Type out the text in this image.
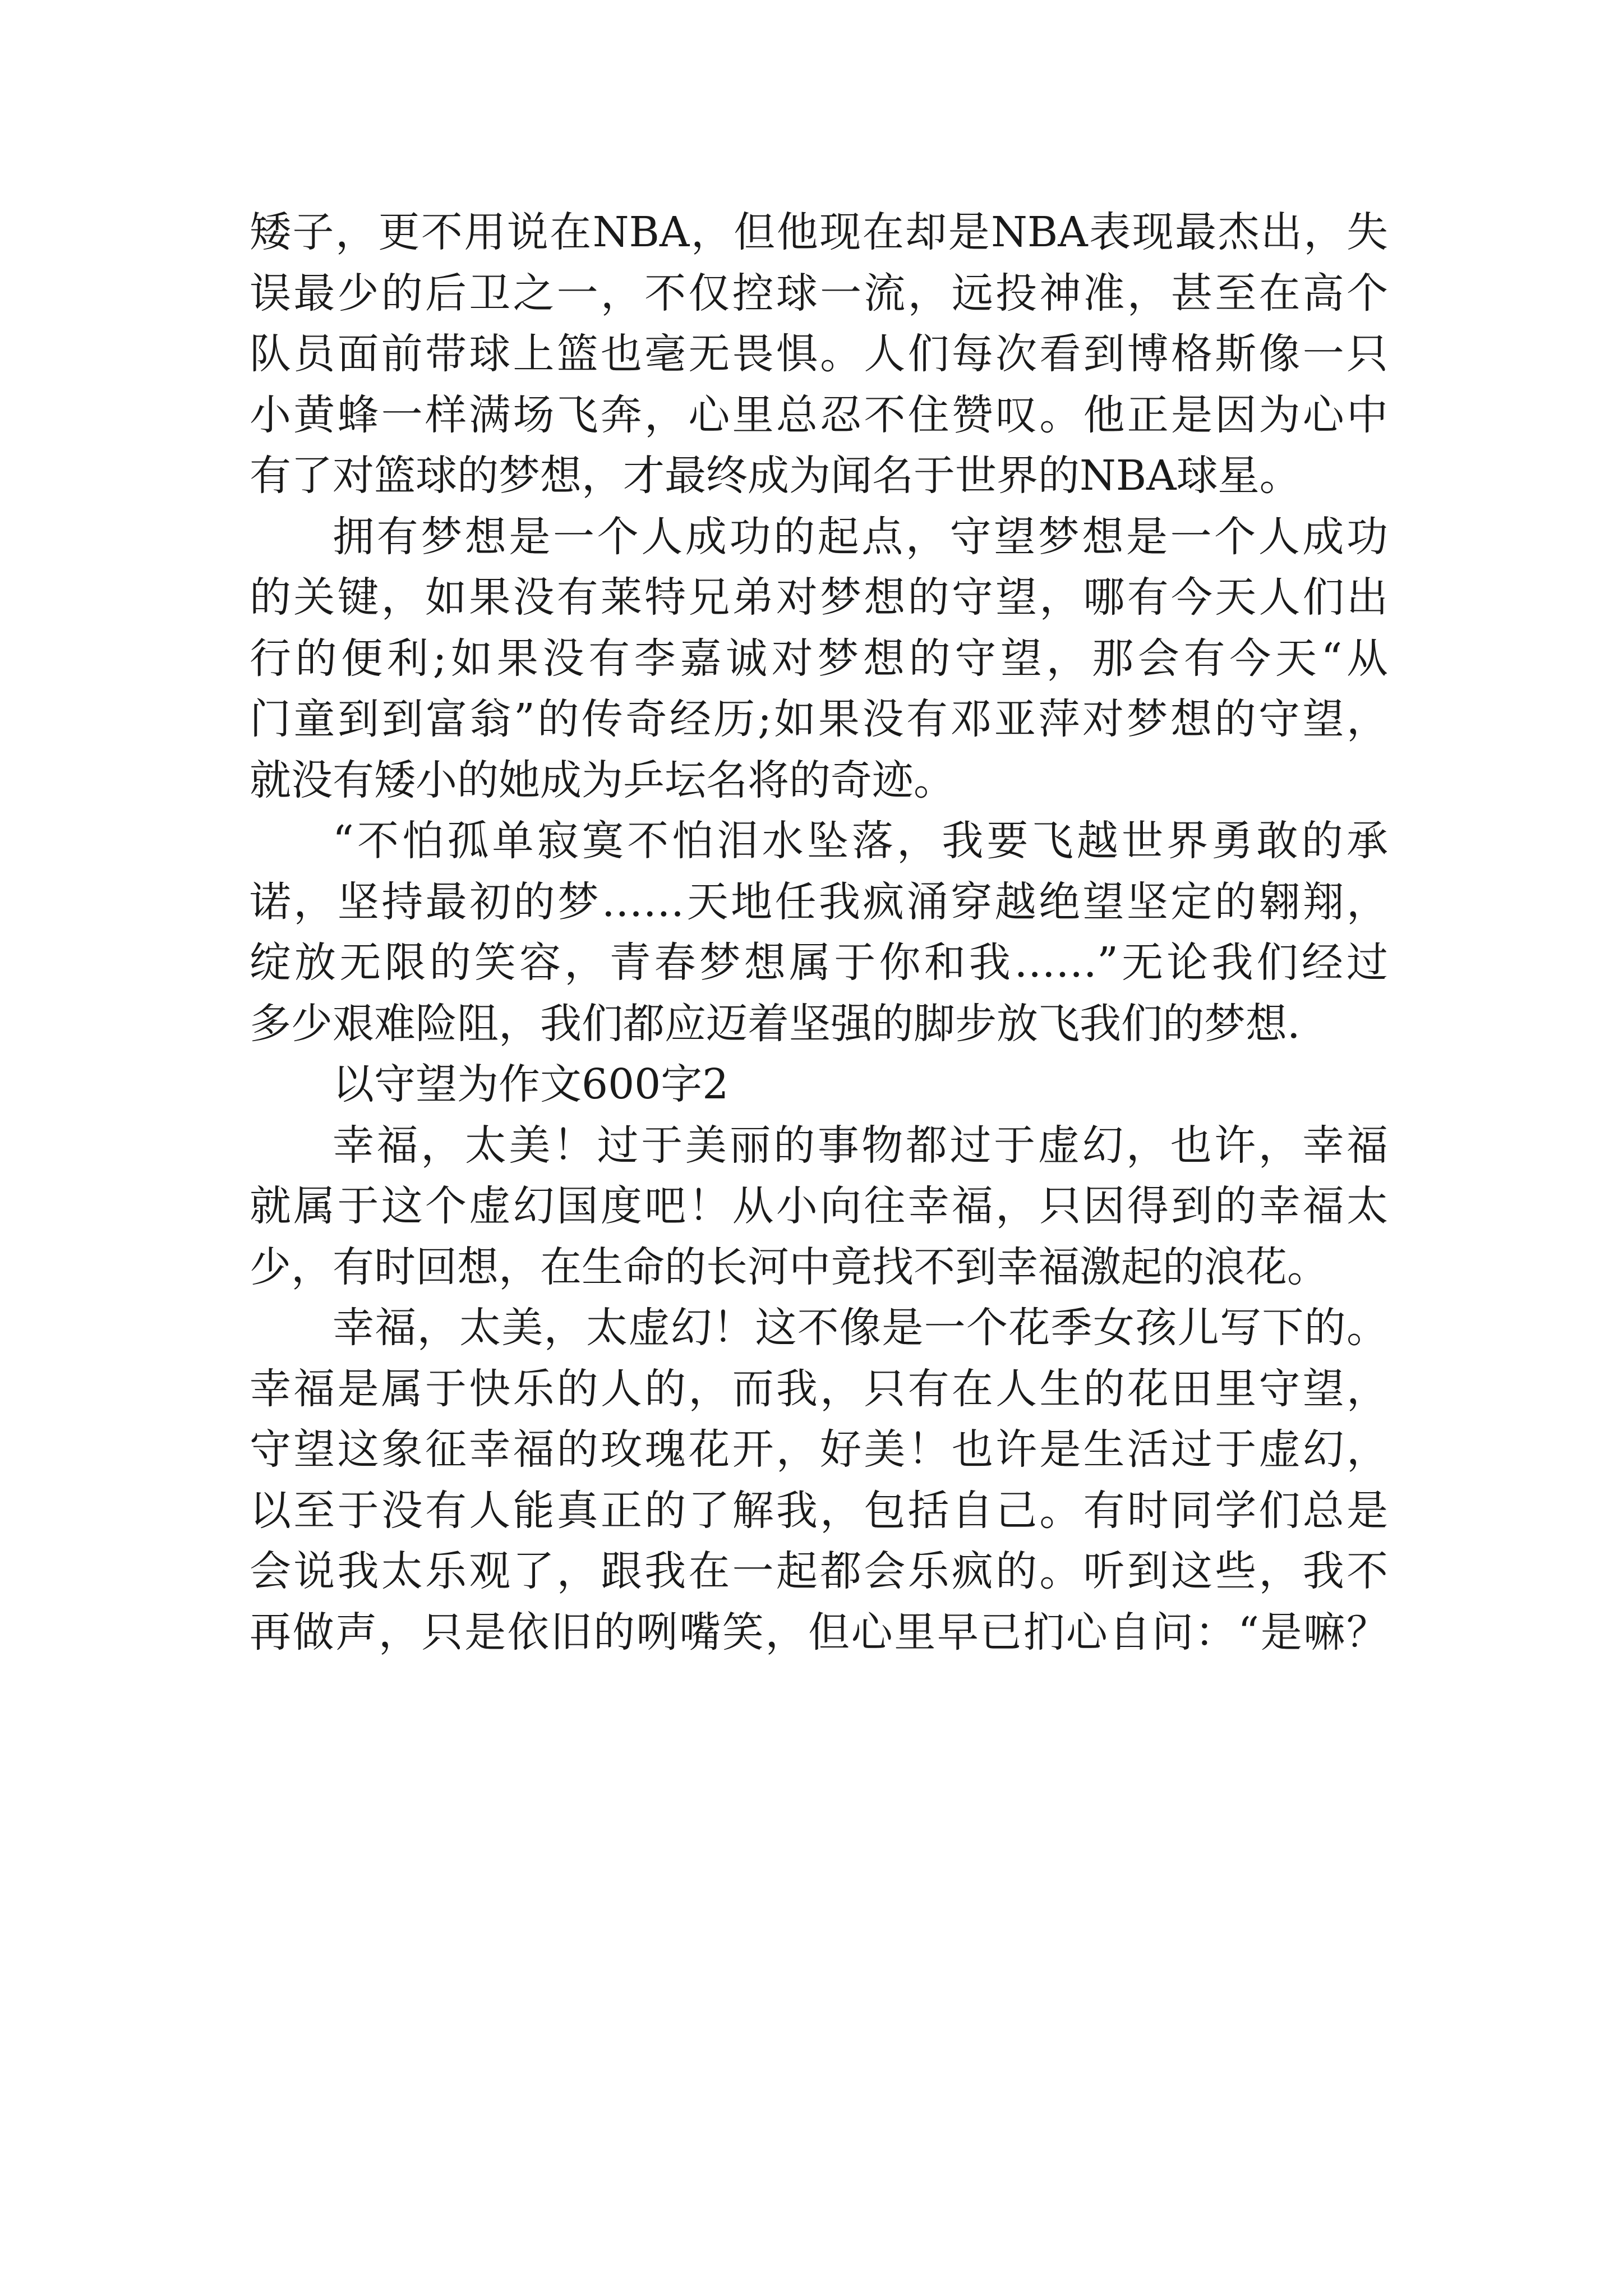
矮子，更不用说在NBA，但他现在却是NBA表现最杰出，失
误最少的后卫之一，不仅控球一流，远投神准，甚至在高个
队员面前带球上篮也毫无畏惧。人们每次看到博格斯像一只
小黄蜂一样满场飞奔，心里总忍不住赞叹。他正是因为心中
有了对篮球的梦想，才最终成为闻名于世界的NBA球星。
拥有梦想是一个人成功的起点，守望梦想是一个人成功
的关键，如果没有莱特兄弟对梦想的守望，哪有今天人们出
行的便利;如果没有李嘉诚对梦想的守望，那会有今天“从
门童到到富翁”的传奇经历;如果没有邓亚萍对梦想的守望，
就没有矮小的她成为乒坛名将的奇迹。
“不怕孤单寂寞不怕泪水坠落，我要飞越世界勇敢的承
诺，坚持最初的梦……天地任我疯涌穿越绝望坚定的翱翔，
绽放无限的笑容，青春梦想属于你和我……”无论我们经过
多少艰难险阻，我们都应迈着坚强的脚步放飞我们的梦想.
以守望为作文600字2
幸福，太美！过于美丽的事物都过于虚幻，也许，幸福
就属于这个虚幻国度吧！从小向往幸福，只因得到的幸福太
少，有时回想，在生命的长河中竟找不到幸福激起的浪花。
幸福，太美，太虚幻！这不像是一个花季女孩儿写下的。
幸福是属于快乐的人的，而我，只有在人生的花田里守望，
守望这象征幸福的玫瑰花开，好美！也许是生活过于虚幻，
以至于没有人能真正的了解我，包括自己。有时同学们总是
会说我太乐观了，跟我在一起都会乐疯的。听到这些，我不
再做声，只是依旧的咧嘴笑，但心里早已扪心自问：“是嘛？
